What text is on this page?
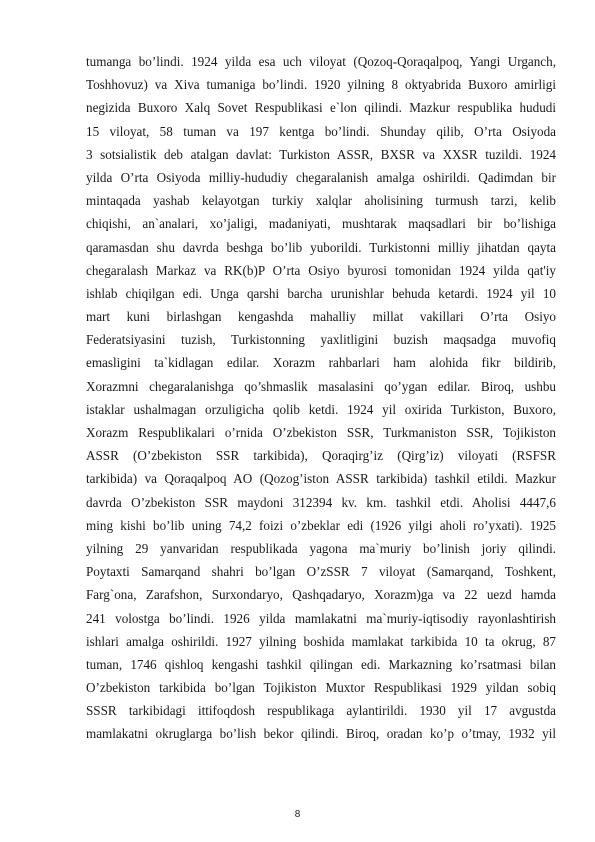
tumanga bo’lindi. 1924 yilda esa uch viloyat (Qozoq-Qoraqalpoq, Yangi Urganch,
Toshhovuz) va Xiva tumaniga bo’lindi. 1920 yilning 8 oktyabrida Buxoro amirligi
negizida Buxoro Xalq Sovet Respublikasi e`lon qilindi. Mazkur respublika hududi
15 viloyat, 58 tuman va 197 kentga bo’lindi. Shunday qilib, O’rta Osiyoda
3 sotsialistik deb atalgan davlat: Turkiston ASSR, BXSR va XXSR tuzildi. 1924
yilda O’rta Osiyoda milliy-hududiy chegaralanish amalga oshirildi. Qadimdan bir
mintaqada yashab kelayotgan turkiy xalqlar aholisining turmush tarzi, kelib
chiqishi, an`analari, xo’jaligi, madaniyati, mushtarak maqsadlari bir bo’lishiga
qaramasdan shu davrda beshga bo’lib yuborildi. Turkistonni milliy jihatdan qayta
chegaralash Markaz va RK(b)P O’rta Osiyo byurosi tomonidan 1924 yilda qat'iy
ishlab chiqilgan edi. Unga qarshi barcha urunishlar behuda ketardi. 1924 yil 10
mart kuni birlashgan kengashda mahalliy millat vakillari O’rta Osiyo
Federatsiyasini tuzish, Turkistonning yaxlitligini buzish maqsadga muvofiq
emasligini ta`kidlagan edilar. Xorazm rahbarlari ham alohida fikr bildirib,
Xorazmni chegaralanishga qo’shmaslik masalasini qo’ygan edilar. Biroq, ushbu
istaklar ushalmagan orzuligicha qolib ketdi. 1924 yil oxirida Turkiston, Buxoro,
Xorazm Respublikalari o’rnida O’zbekiston SSR, Turkmaniston SSR, Tojikiston
ASSR (O’zbekiston SSR tarkibida), Qoraqirg’iz (Qirg’iz) viloyati (RSFSR
tarkibida) va Qoraqalpoq AO (Qozog’iston ASSR tarkibida) tashkil etildi. Mazkur
davrda O’zbekiston SSR maydoni 312394 kv. km. tashkil etdi. Aholisi 4447,6
ming kishi bo’lib uning 74,2 foizi o’zbeklar edi (1926 yilgi aholi ro’yxati). 1925
yilning 29 yanvaridan respublikada yagona ma`muriy bo’linish joriy qilindi.
Poytaxti Samarqand shahri bo’lgan O’zSSR 7 viloyat (Samarqand, Toshkent,
Farg`ona, Zarafshon, Surxondaryo, Qashqadaryo, Xorazm)ga va 22 uezd hamda
241 volostga bo’lindi. 1926 yilda mamlakatni ma`muriy-iqtisodiy rayonlashtirish
ishlari amalga oshirildi. 1927 yilning boshida mamlakat tarkibida 10 ta okrug, 87
tuman, 1746 qishloq kengashi tashkil qilingan edi. Markazning ko’rsatmasi bilan
O’zbekiston tarkibida bo’lgan Tojikiston Muxtor Respublikasi 1929 yildan sobiq
SSSR tarkibidagi ittifoqdosh respublikaga aylantirildi. 1930 yil 17 avgustda
mamlakatni okruglarga bo’lish bekor qilindi. Biroq, oradan ko’p o’tmay, 1932 yil
8
